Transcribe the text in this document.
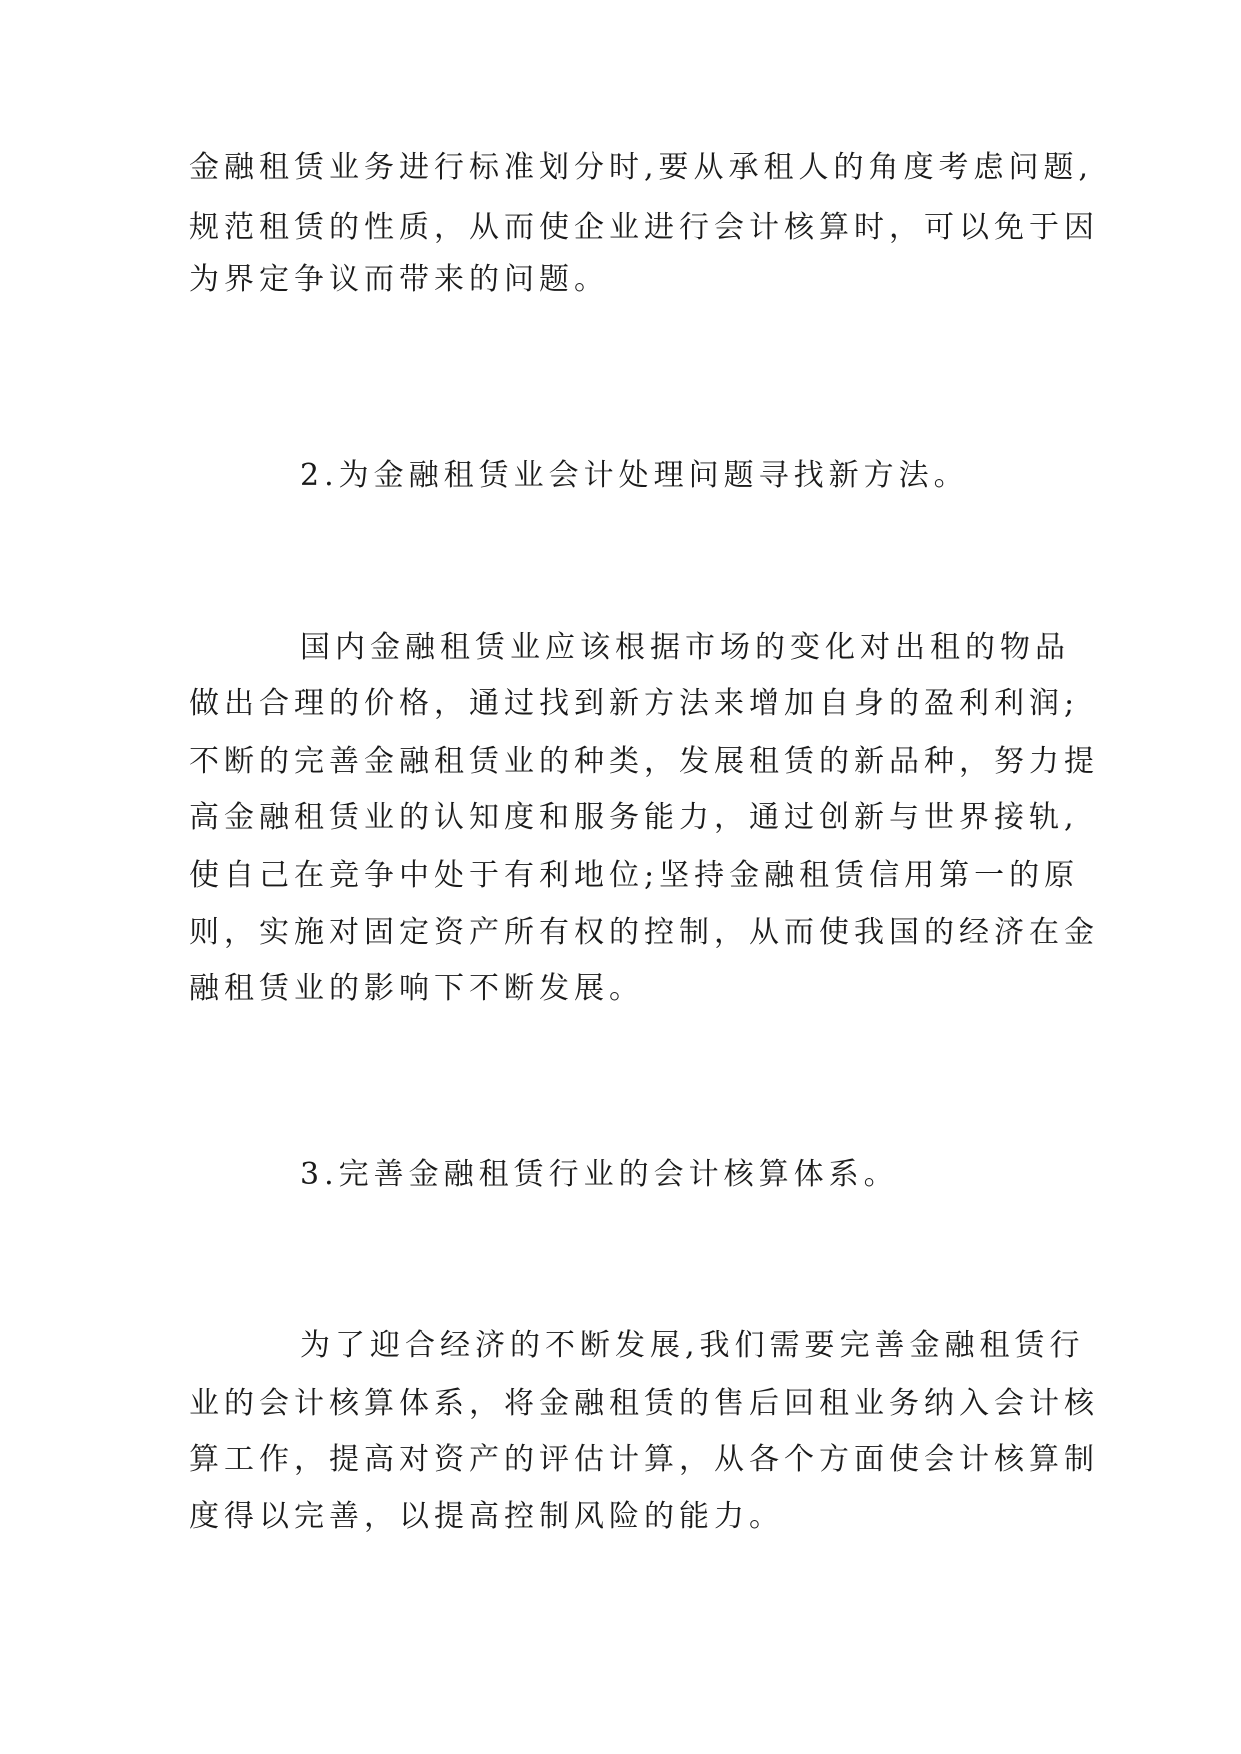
金融租赁业务进行标准划分时,要从承租人的角度考虑问题,
规范租赁的性质，从而使企业进行会计核算时，可以免于因
为界定争议而带来的问题。
2.为金融租赁业会计处理问题寻找新方法。
国内金融租赁业应该根据市场的变化对出租的物品
做出合理的价格，通过找到新方法来增加自身的盈利利润;
不断的完善金融租赁业的种类，发展租赁的新品种，努力提
高金融租赁业的认知度和服务能力，通过创新与世界接轨,
使自己在竞争中处于有利地位;坚持金融租赁信用第一的原
则，实施对固定资产所有权的控制，从而使我国的经济在金
融租赁业的影响下不断发展。
3.完善金融租赁行业的会计核算体系。
为了迎合经济的不断发展,我们需要完善金融租赁行
业的会计核算体系，将金融租赁的售后回租业务纳入会计核
算工作，提高对资产的评估计算，从各个方面使会计核算制
度得以完善，以提高控制风险的能力。
